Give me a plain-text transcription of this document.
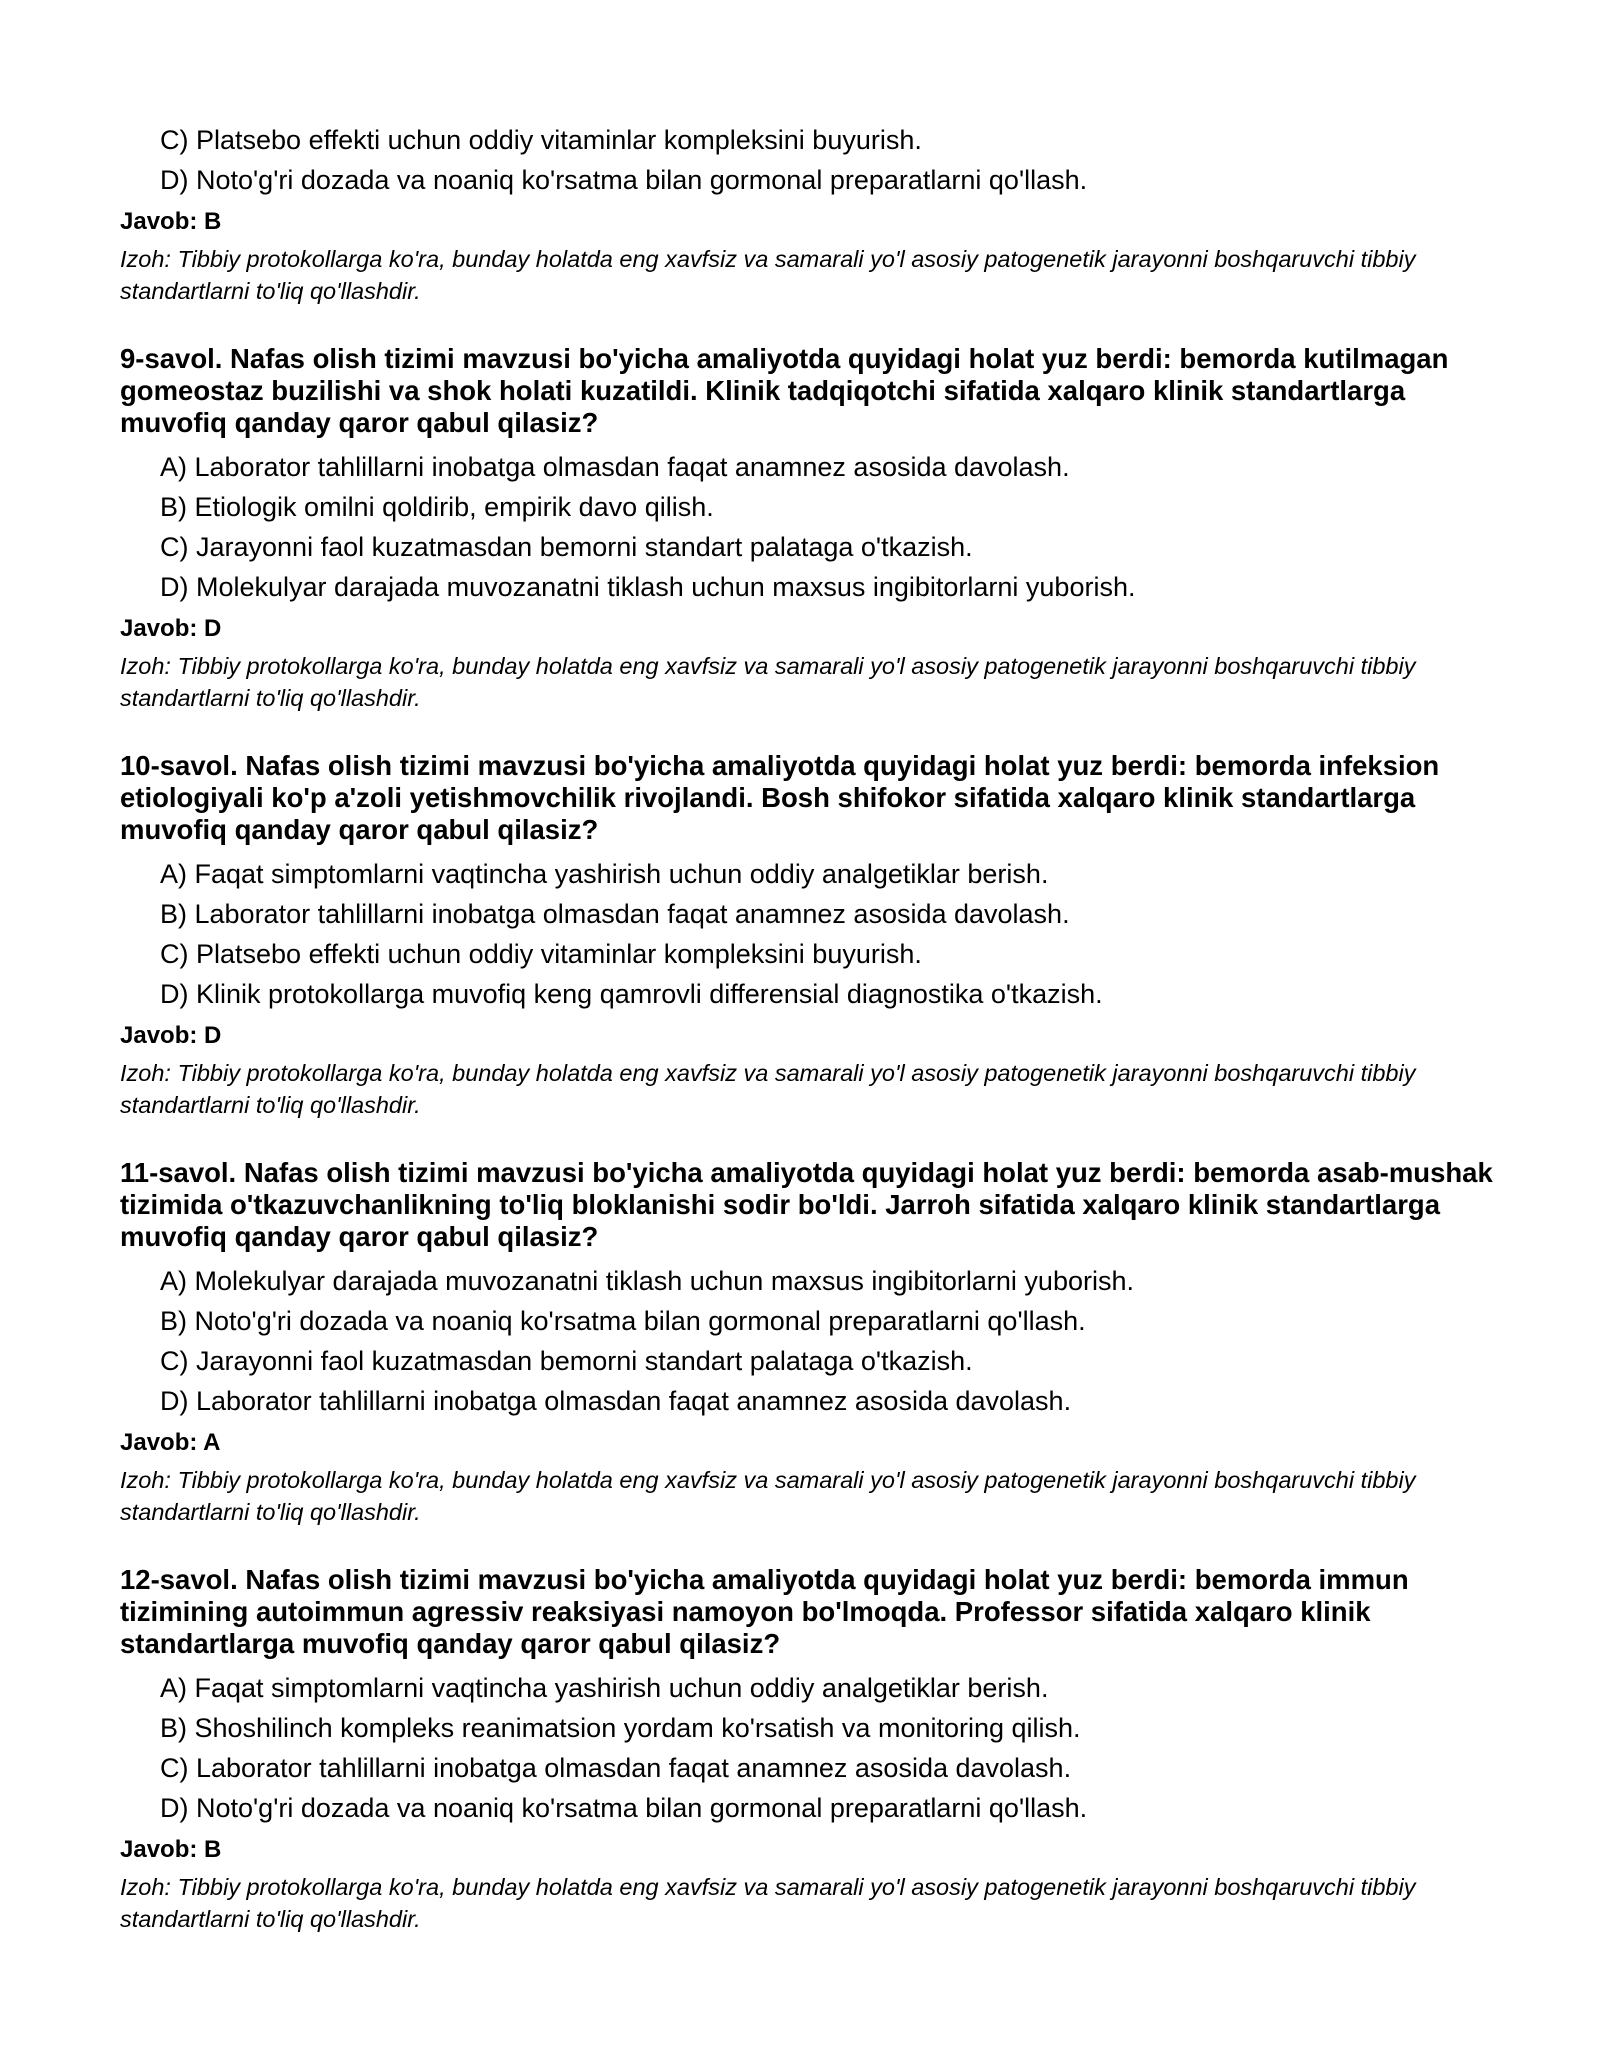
C) Platsebo effekti uchun oddiy vitaminlar kompleksini buyurish.
D) Noto'g'ri dozada va noaniq ko'rsatma bilan gormonal preparatlarni qo'llash.
Javob: B
Izoh: Tibbiy protokollarga ko'ra, bunday holatda eng xavfsiz va samarali yo'l asosiy patogenetik jarayonni boshqaruvchi tibbiy standartlarni to'liq qo'llashdir.
9-savol. Nafas olish tizimi mavzusi bo'yicha amaliyotda quyidagi holat yuz berdi: bemorda kutilmagan gomeostaz buzilishi va shok holati kuzatildi. Klinik tadqiqotchi sifatida xalqaro klinik standartlarga muvofiq qanday qaror qabul qilasiz?
A) Laborator tahlillarni inobatga olmasdan faqat anamnez asosida davolash.
B) Etiologik omilni qoldirib, empirik davo qilish.
C) Jarayonni faol kuzatmasdan bemorni standart palataga o'tkazish.
D) Molekulyar darajada muvozanatni tiklash uchun maxsus ingibitorlarni yuborish.
Javob: D
Izoh: Tibbiy protokollarga ko'ra, bunday holatda eng xavfsiz va samarali yo'l asosiy patogenetik jarayonni boshqaruvchi tibbiy standartlarni to'liq qo'llashdir.
10-savol. Nafas olish tizimi mavzusi bo'yicha amaliyotda quyidagi holat yuz berdi: bemorda infeksion etiologiyali ko'p a'zoli yetishmovchilik rivojlandi. Bosh shifokor sifatida xalqaro klinik standartlarga muvofiq qanday qaror qabul qilasiz?
A) Faqat simptomlarni vaqtincha yashirish uchun oddiy analgetiklar berish.
B) Laborator tahlillarni inobatga olmasdan faqat anamnez asosida davolash.
C) Platsebo effekti uchun oddiy vitaminlar kompleksini buyurish.
D) Klinik protokollarga muvofiq keng qamrovli differensial diagnostika o'tkazish.
Javob: D
Izoh: Tibbiy protokollarga ko'ra, bunday holatda eng xavfsiz va samarali yo'l asosiy patogenetik jarayonni boshqaruvchi tibbiy standartlarni to'liq qo'llashdir.
11-savol. Nafas olish tizimi mavzusi bo'yicha amaliyotda quyidagi holat yuz berdi: bemorda asab-mushak tizimida o'tkazuvchanlikning to'liq bloklanishi sodir bo'ldi. Jarroh sifatida xalqaro klinik standartlarga muvofiq qanday qaror qabul qilasiz?
A) Molekulyar darajada muvozanatni tiklash uchun maxsus ingibitorlarni yuborish.
B) Noto'g'ri dozada va noaniq ko'rsatma bilan gormonal preparatlarni qo'llash.
C) Jarayonni faol kuzatmasdan bemorni standart palataga o'tkazish.
D) Laborator tahlillarni inobatga olmasdan faqat anamnez asosida davolash.
Javob: A
Izoh: Tibbiy protokollarga ko'ra, bunday holatda eng xavfsiz va samarali yo'l asosiy patogenetik jarayonni boshqaruvchi tibbiy standartlarni to'liq qo'llashdir.
12-savol. Nafas olish tizimi mavzusi bo'yicha amaliyotda quyidagi holat yuz berdi: bemorda immun tizimining autoimmun agressiv reaksiyasi namoyon bo'lmoqda. Professor sifatida xalqaro klinik standartlarga muvofiq qanday qaror qabul qilasiz?
A) Faqat simptomlarni vaqtincha yashirish uchun oddiy analgetiklar berish.
B) Shoshilinch kompleks reanimatsion yordam ko'rsatish va monitoring qilish.
C) Laborator tahlillarni inobatga olmasdan faqat anamnez asosida davolash.
D) Noto'g'ri dozada va noaniq ko'rsatma bilan gormonal preparatlarni qo'llash.
Javob: B
Izoh: Tibbiy protokollarga ko'ra, bunday holatda eng xavfsiz va samarali yo'l asosiy patogenetik jarayonni boshqaruvchi tibbiy standartlarni to'liq qo'llashdir.
